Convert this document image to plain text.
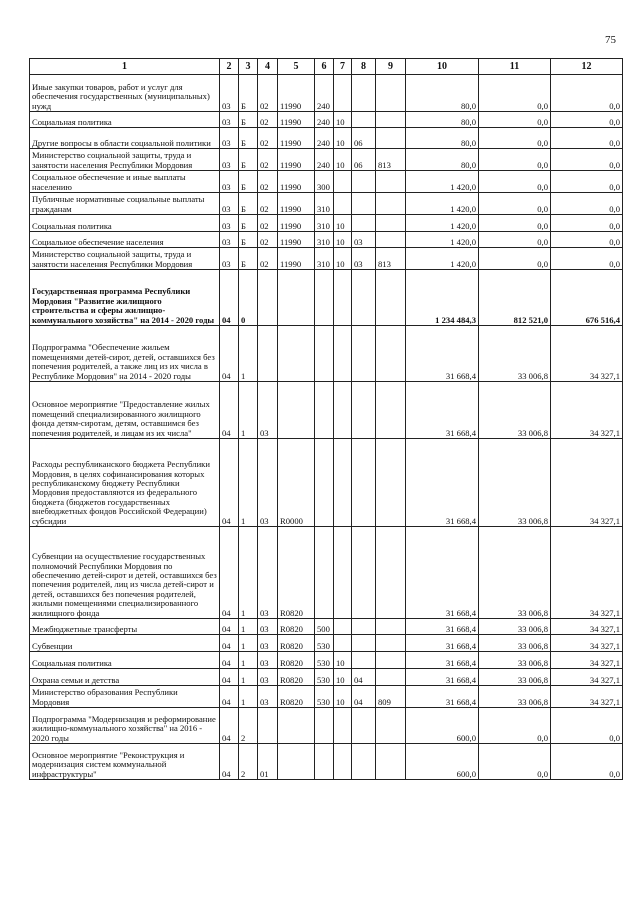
75
1	2	3	4	5	6	7	8	9	10	11	12
Иные закупки товаров, работ и услуг для обеспечения государственных (муниципальных) нужд	03	Б	02	11990	240				80,0	0,0	0,0
Социальная политика	03	Б	02	11990	240	10			80,0	0,0	0,0
Другие вопросы в области социальной политики	03	Б	02	11990	240	10	06		80,0	0,0	0,0
Министерство социальной защиты, труда и занятости населения Республики Мордовия	03	Б	02	11990	240	10	06	813	80,0	0,0	0,0
Социальное обеспечение и иные выплаты населению	03	Б	02	11990	300				1 420,0	0,0	0,0
Публичные нормативные социальные выплаты гражданам	03	Б	02	11990	310				1 420,0	0,0	0,0
Социальная политика	03	Б	02	11990	310	10			1 420,0	0,0	0,0
Социальное обеспечение населения	03	Б	02	11990	310	10	03		1 420,0	0,0	0,0
Министерство социальной защиты, труда и занятости населения Республики Мордовия	03	Б	02	11990	310	10	03	813	1 420,0	0,0	0,0
Государственная программа Республики Мордовия "Развитие жилищного строительства и сферы жилищно-коммунального хозяйства" на 2014 - 2020 годы	04	0							1 234 484,3	812 521,0	676 516,4
Подпрограмма "Обеспечение жильем помещениями детей-сирот, детей, оставшихся без попечения родителей, а также лиц из их числа в Республике Мордовия" на 2014 - 2020 годы	04	1							31 668,4	33 006,8	34 327,1
Основное мероприятие "Предоставление жилых помещений специализированного жилищного фонда детям-сиротам, детям, оставшимся без попечения родителей, и лицам из их числа"	04	1	03						31 668,4	33 006,8	34 327,1
Расходы республиканского бюджета Республики Мордовия, в целях софинансирования которых республиканскому бюджету Республики Мордовия предоставляются из федерального бюджета (бюджетов государственных внебюджетных фондов Российской Федерации) субсидии	04	1	03	R0000					31 668,4	33 006,8	34 327,1
Субвенции на осуществление государственных полномочий Республики Мордовия по обеспечению детей-сирот и детей, оставшихся без попечения родителей, лиц из числа детей-сирот и детей, оставшихся без попечения родителей, жилыми помещениями специализированного жилищного фонда	04	1	03	R0820					31 668,4	33 006,8	34 327,1
Межбюджетные трансферты	04	1	03	R0820	500				31 668,4	33 006,8	34 327,1
Субвенции	04	1	03	R0820	530				31 668,4	33 006,8	34 327,1
Социальная политика	04	1	03	R0820	530	10			31 668,4	33 006,8	34 327,1
Охрана семьи и детства	04	1	03	R0820	530	10	04		31 668,4	33 006,8	34 327,1
Министерство образования Республики Мордовия	04	1	03	R0820	530	10	04	809	31 668,4	33 006,8	34 327,1
Подпрограмма "Модернизация и реформирование жилищно-коммунального хозяйства" на 2016 - 2020 годы	04	2							600,0	0,0	0,0
Основное мероприятие "Реконструкция и модернизация систем коммунальной инфраструктуры"	04	2	01						600,0	0,0	0,0
